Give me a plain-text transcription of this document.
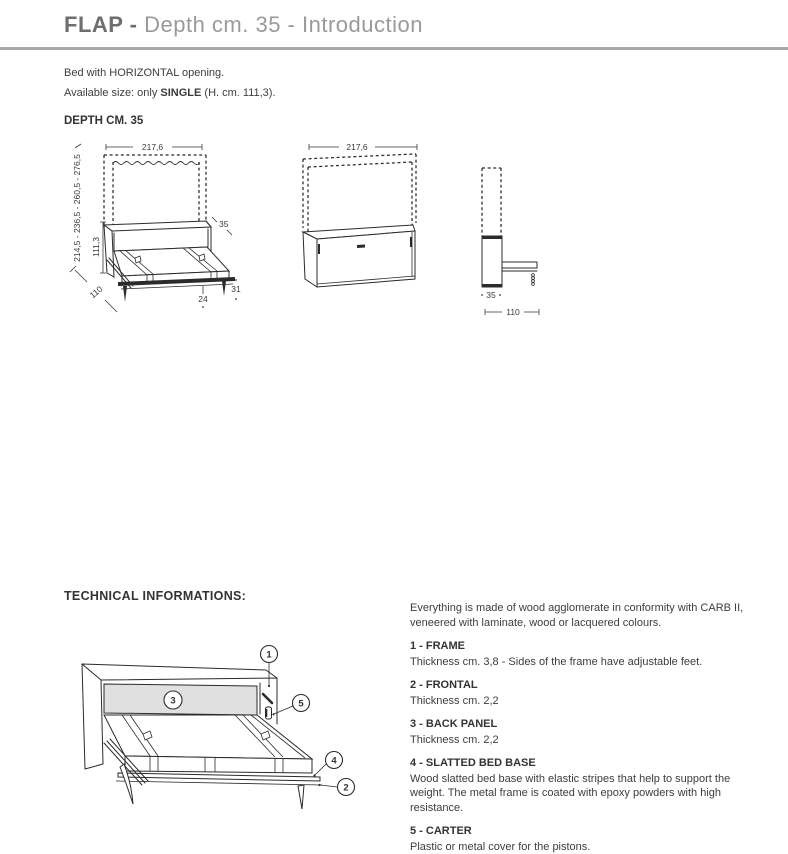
FLAP - Depth cm. 35 - Introduction
Bed with HORIZONTAL opening.
Available size: only SINGLE (H. cm. 111,3).
DEPTH CM. 35
217,6
35
111,3
214,5 - 236,5 - 260,5 - 276,5
110	24
31
217,6
35
110
TECHNICAL INFORMATIONS:
1
5
3
4
2

Everything is made of wood agglomerate in conformity with CARB II, veneered with laminate, wood or lacquered colours.

1 - FRAME

Thickness cm. 3,8 - Sides of the frame have adjustable feet.

2 - FRONTAL

Thickness cm. 2,2

3 - BACK PANEL

Thickness cm. 2,2

4 - SLATTED BED BASE

Wood slatted bed base with elastic stripes that help to support the weight. The metal frame is coated with epoxy powders with high resistance.

5 - CARTER

Plastic or metal cover for the pistons.
